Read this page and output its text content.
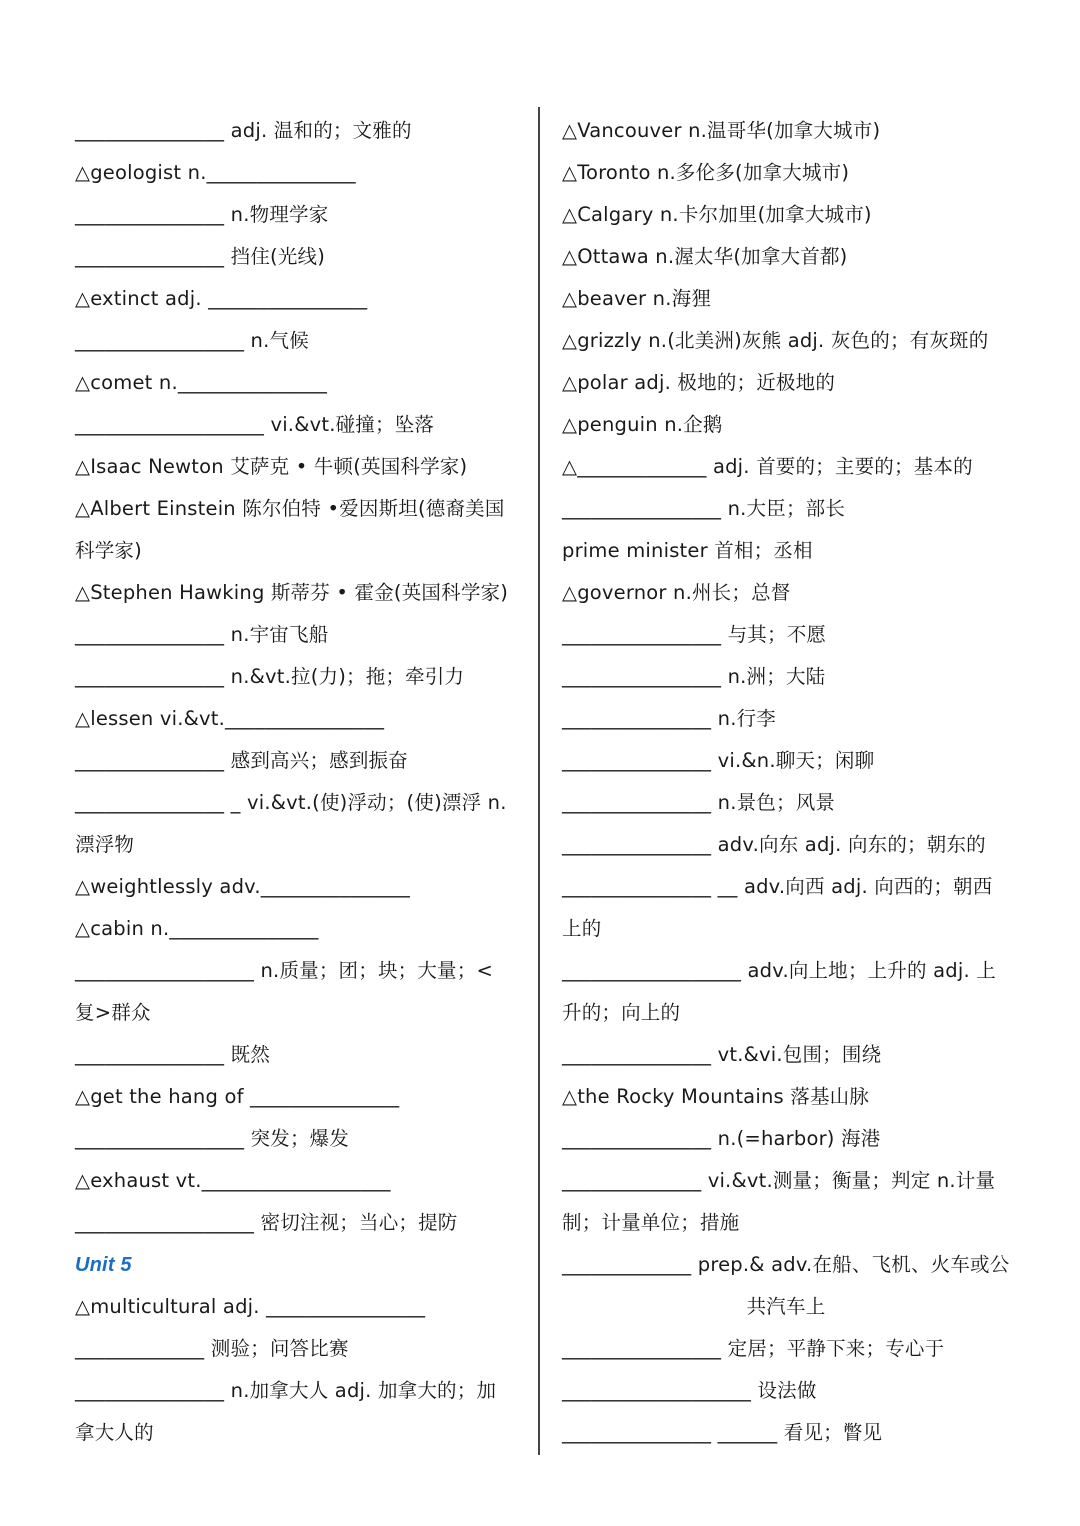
_______________ adj. 温和的；文雅的
△geologist n._______________
_______________ n.物理学家
_______________ 挡住(光线)
△extinct adj. ________________
_________________ n.气候
△comet n._______________
___________________ vi.&vt.碰撞；坠落
△Isaac Newton 艾萨克 • 牛顿(英国科学家)
△Albert Einstein 陈尔伯特 •爱因斯坦(德裔美国
科学家)
△Stephen Hawking 斯蒂芬 • 霍金(英国科学家)
_______________ n.宇宙飞船
_______________ n.&vt.拉(力)；拖；牵引力
△lessen vi.&vt.________________
_______________ 感到高兴；感到振奋
_______________ _ vi.&vt.(使)浮动；(使)漂浮 n.
漂浮物
△weightlessly adv._______________
△cabin n._______________
__________________ n.质量；团；块；大量；<
复>群众
_______________ 既然
△get the hang of _______________
_________________ 突发；爆发
△exhaust vt.___________________
__________________ 密切注视；当心；提防
Unit 5
△multicultural adj. ________________
_____________ 测验；问答比赛
_______________ n.加拿大人 adj. 加拿大的；加
拿大人的
△Vancouver n.温哥华(加拿大城市)
△Toronto n.多伦多(加拿大城市)
△Calgary n.卡尔加里(加拿大城市)
△Ottawa n.渥太华(加拿大首都)
△beaver n.海狸
△grizzly n.(北美洲)灰熊 adj. 灰色的；有灰斑的
△polar adj. 极地的；近极地的
△penguin n.企鹅
△_____________ adj. 首要的；主要的；基本的
________________ n.大臣；部长
prime minister 首相；丞相
△governor n.州长；总督
________________ 与其；不愿
________________ n.洲；大陆
_______________ n.行李
_______________ vi.&n.聊天；闲聊
_______________ n.景色；风景
_______________ adv.向东 adj. 向东的；朝东的
_______________ __ adv.向西 adj. 向西的；朝西
上的
__________________ adv.向上地；上升的 adj. 上
升的；向上的
_______________ vt.&vi.包围；围绕
△the Rocky Mountains 落基山脉
_______________ n.(=harbor) 海港
______________ vi.&vt.测量；衡量；判定 n.计量
制；计量单位；措施
_____________ prep.& adv.在船、飞机、火车或公
共汽车上
________________ 定居；平静下来；专心于
___________________ 设法做
_______________ ______ 看见；瞥见
